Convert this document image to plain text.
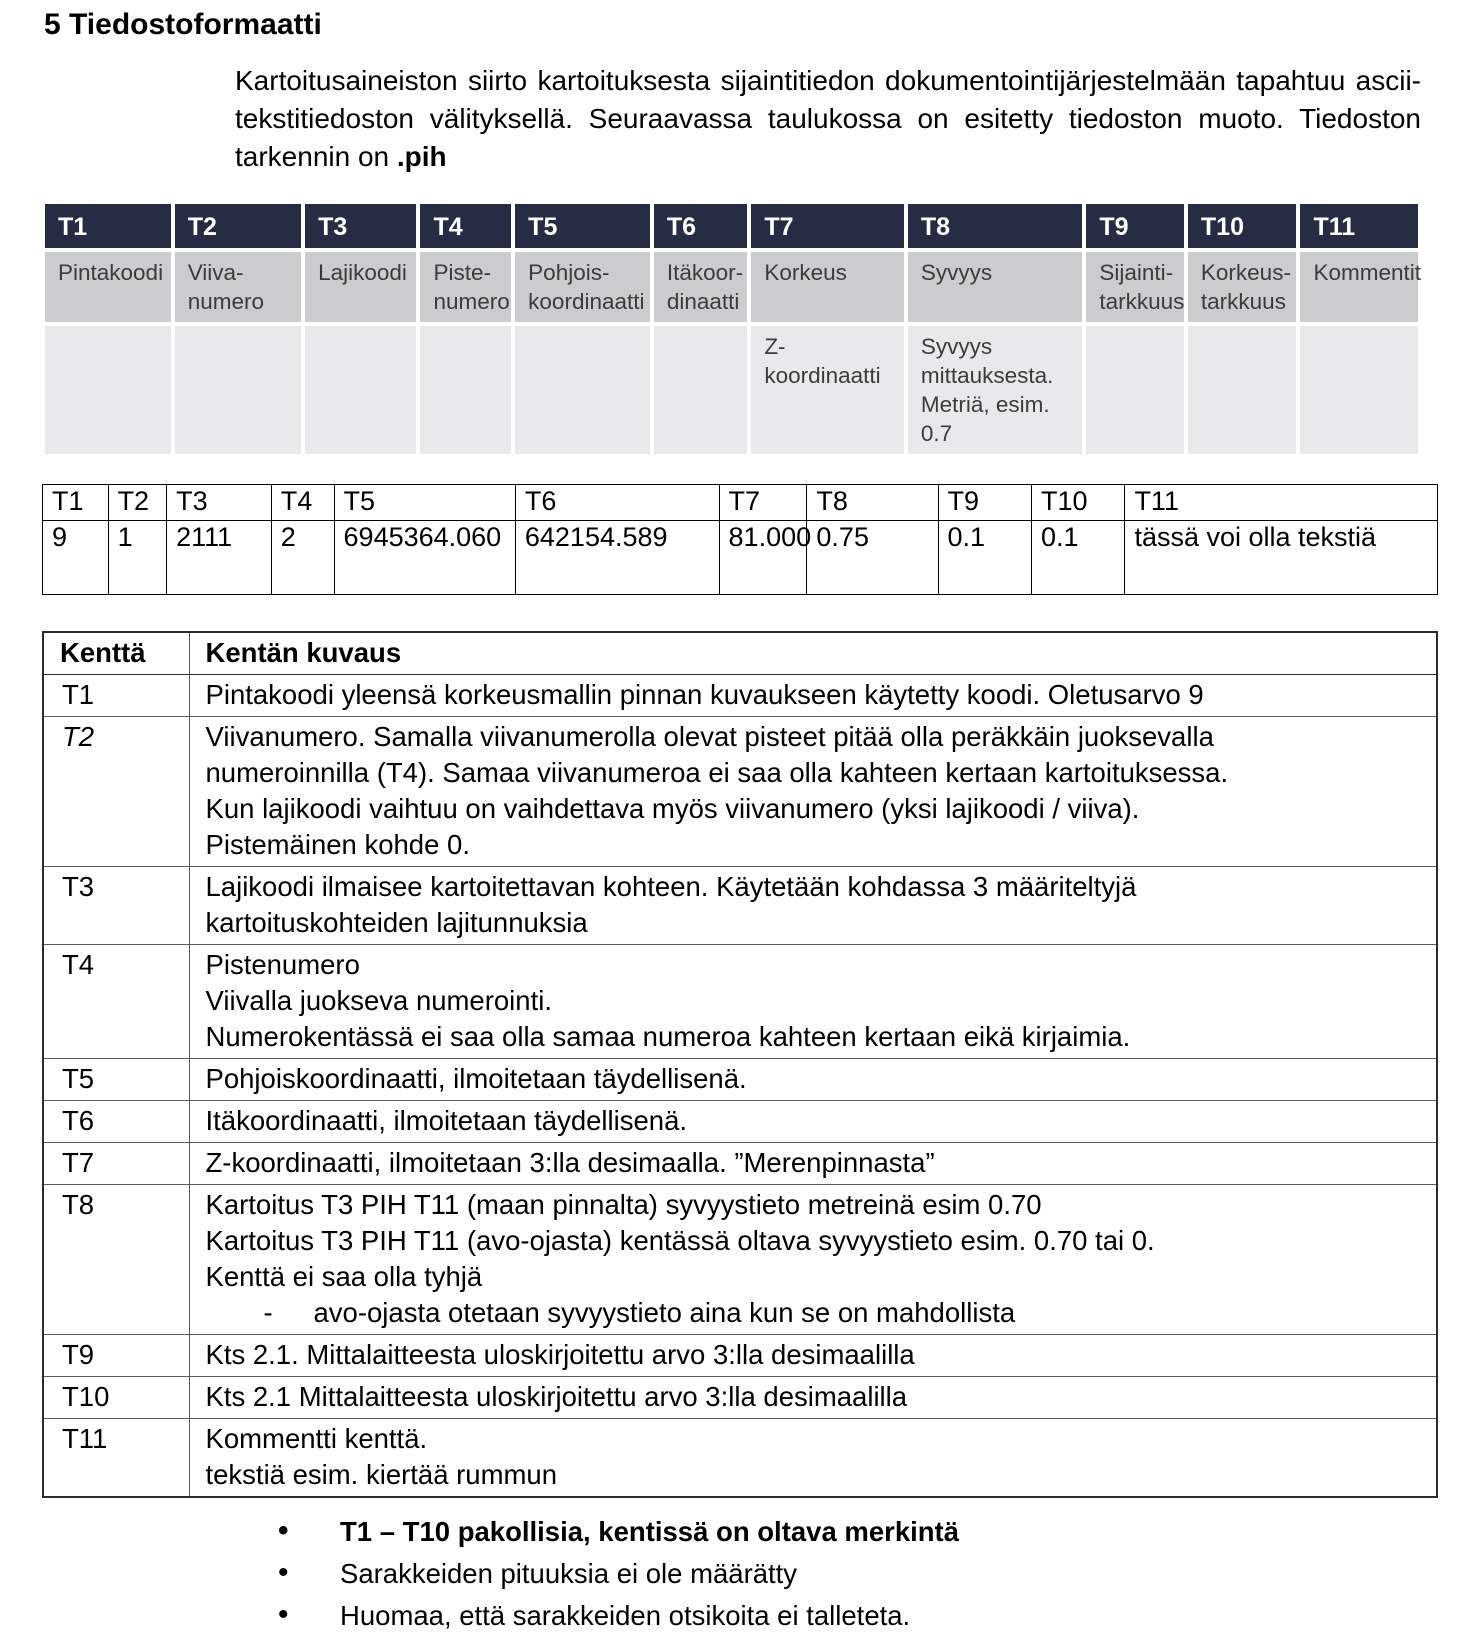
5 Tiedostoformaatti

Kartoitusaineiston siirto kartoituksesta sijaintitiedon dokumentointijärjestelmään tapahtuu ascii-tekstitiedoston välityksellä. Seuraavassa taulukossa on esitetty tiedoston muoto. Tiedoston tarkennin on .pih

T1	T2	T3	T4	T5	T6	T7	T8	T9	T10	T11
Pintakoodi	Viiva-
numero	Lajikoodi	Piste-
numero	Pohjois-
koordinaatti	Itäkoor-
dinaatti	Korkeus	Syvyys	Sijainti-
tarkkuus	Korkeus-
tarkkuus	Kommentit
						Z-koordinaatti	Syvyys
mittauksesta.
Metriä, esim. 0.7			
T1	T2	T3	T4	T5	T6	T7	T8	T9	T10	T11
9	1	2111	2	6945364.060	642154.589	81.000	0.75	0.1	0.1	tässä voi olla tekstiä
Kenttä	Kentän kuvaus
T1	Pintakoodi yleensä korkeusmallin pinnan kuvaukseen käytetty koodi. Oletusarvo 9
T2	Viivanumero. Samalla viivanumerolla olevat pisteet pitää olla peräkkäin juoksevalla
numeroinnilla (T4). Samaa viivanumeroa ei saa olla kahteen kertaan kartoituksessa.
Kun lajikoodi vaihtuu on vaihdettava myös viivanumero (yksi lajikoodi / viiva).
Pistemäinen kohde 0.
T3	Lajikoodi ilmaisee kartoitettavan kohteen. Käytetään kohdassa 3 määriteltyjä
kartoituskohteiden lajitunnuksia
T4	Pistenumero
Viivalla juokseva numerointi.
Numerokentässä ei saa olla samaa numeroa kahteen kertaan eikä kirjaimia.
T5	Pohjoiskoordinaatti, ilmoitetaan täydellisenä.
T6	Itäkoordinaatti, ilmoitetaan täydellisenä.
T7	Z-koordinaatti, ilmoitetaan 3:lla desimaalla. ”Merenpinnasta”
T8	Kartoitus T3 PIH T11 (maan pinnalta) syvyystieto metreinä esim 0.70
Kartoitus T3 PIH T11 (avo-ojasta) kentässä oltava syvyystieto esim. 0.70 tai 0.
Kenttä ei saa olla tyhjä
- avo-ojasta otetaan syvyystieto aina kun se on mahdollista

T9	Kts 2.1. Mittalaitteesta uloskirjoitettu arvo 3:lla desimaalilla
T10	Kts 2.1 Mittalaitteesta uloskirjoitettu arvo 3:lla desimaalilla
T11	Kommentti kenttä.
tekstiä esim. kiertää rummun
• T1 – T10 pakollisia, kentissä on oltava merkintä
• Sarakkeiden pituuksia ei ole määrätty
• Huomaa, että sarakkeiden otsikoita ei talleteta.
